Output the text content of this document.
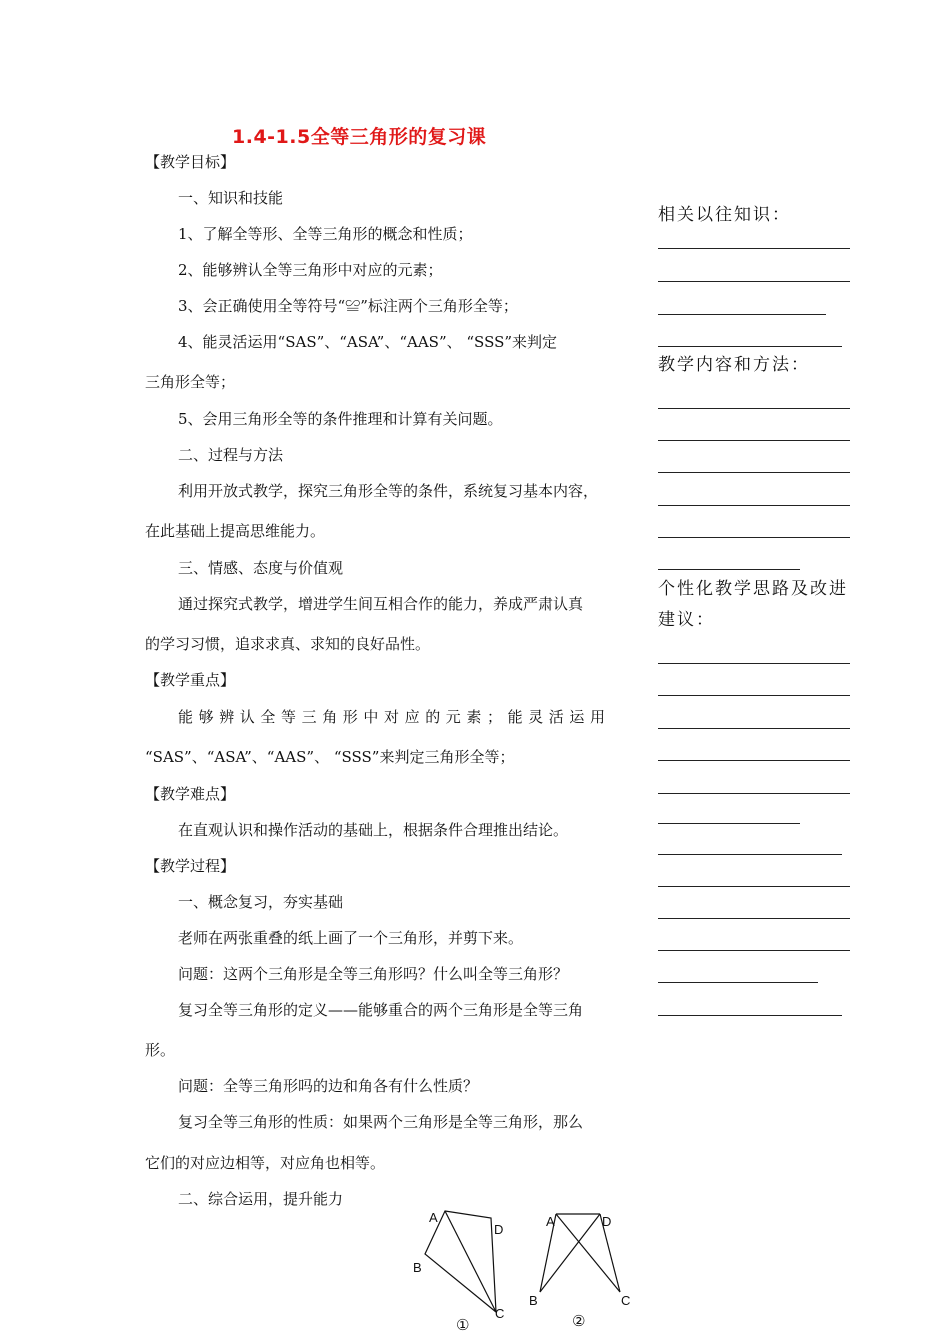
1.4-1.5全等三角形的复习课
【教学目标】
一、知识和技能
1、了解全等形、全等三角形的概念和性质；
2、能够辨认全等三角形中对应的元素；
3、会正确使用全等符号“≌”标注两个三角形全等；
4、能灵活运用“SAS”、“ASA”、“AAS”、 “SSS”来判定
三角形全等；
5、会用三角形全等的条件推理和计算有关问题。
二、过程与方法
利用开放式教学，探究三角形全等的条件，系统复习基本内容，
在此基础上提高思维能力。
三、情感、态度与价值观
通过探究式教学，增进学生间互相合作的能力，养成严肃认真
的学习习惯，追求求真、求知的良好品性。
【教学重点】
能够辨认全等三角形中对应的元素；能灵活运用
“SAS”、“ASA”、“AAS”、 “SSS”来判定三角形全等；
【教学难点】
在直观认识和操作活动的基础上，根据条件合理推出结论。
【教学过程】
一、概念复习，夯实基础
老师在两张重叠的纸上画了一个三角形，并剪下来。
问题：这两个三角形是全等三角形吗？什么叫全等三角形？
复习全等三角形的定义——能够重合的两个三角形是全等三角
形。
问题：全等三角形吗的边和角各有什么性质？
复习全等三角形的性质：如果两个三角形是全等三角形，那么
它们的对应边相等，对应角也相等。
二、综合运用，提升能力
相关以往知识：
教学内容和方法：
个性化教学思路及改进
建议：
A
D
B
C
①
A	D
B	C
②
